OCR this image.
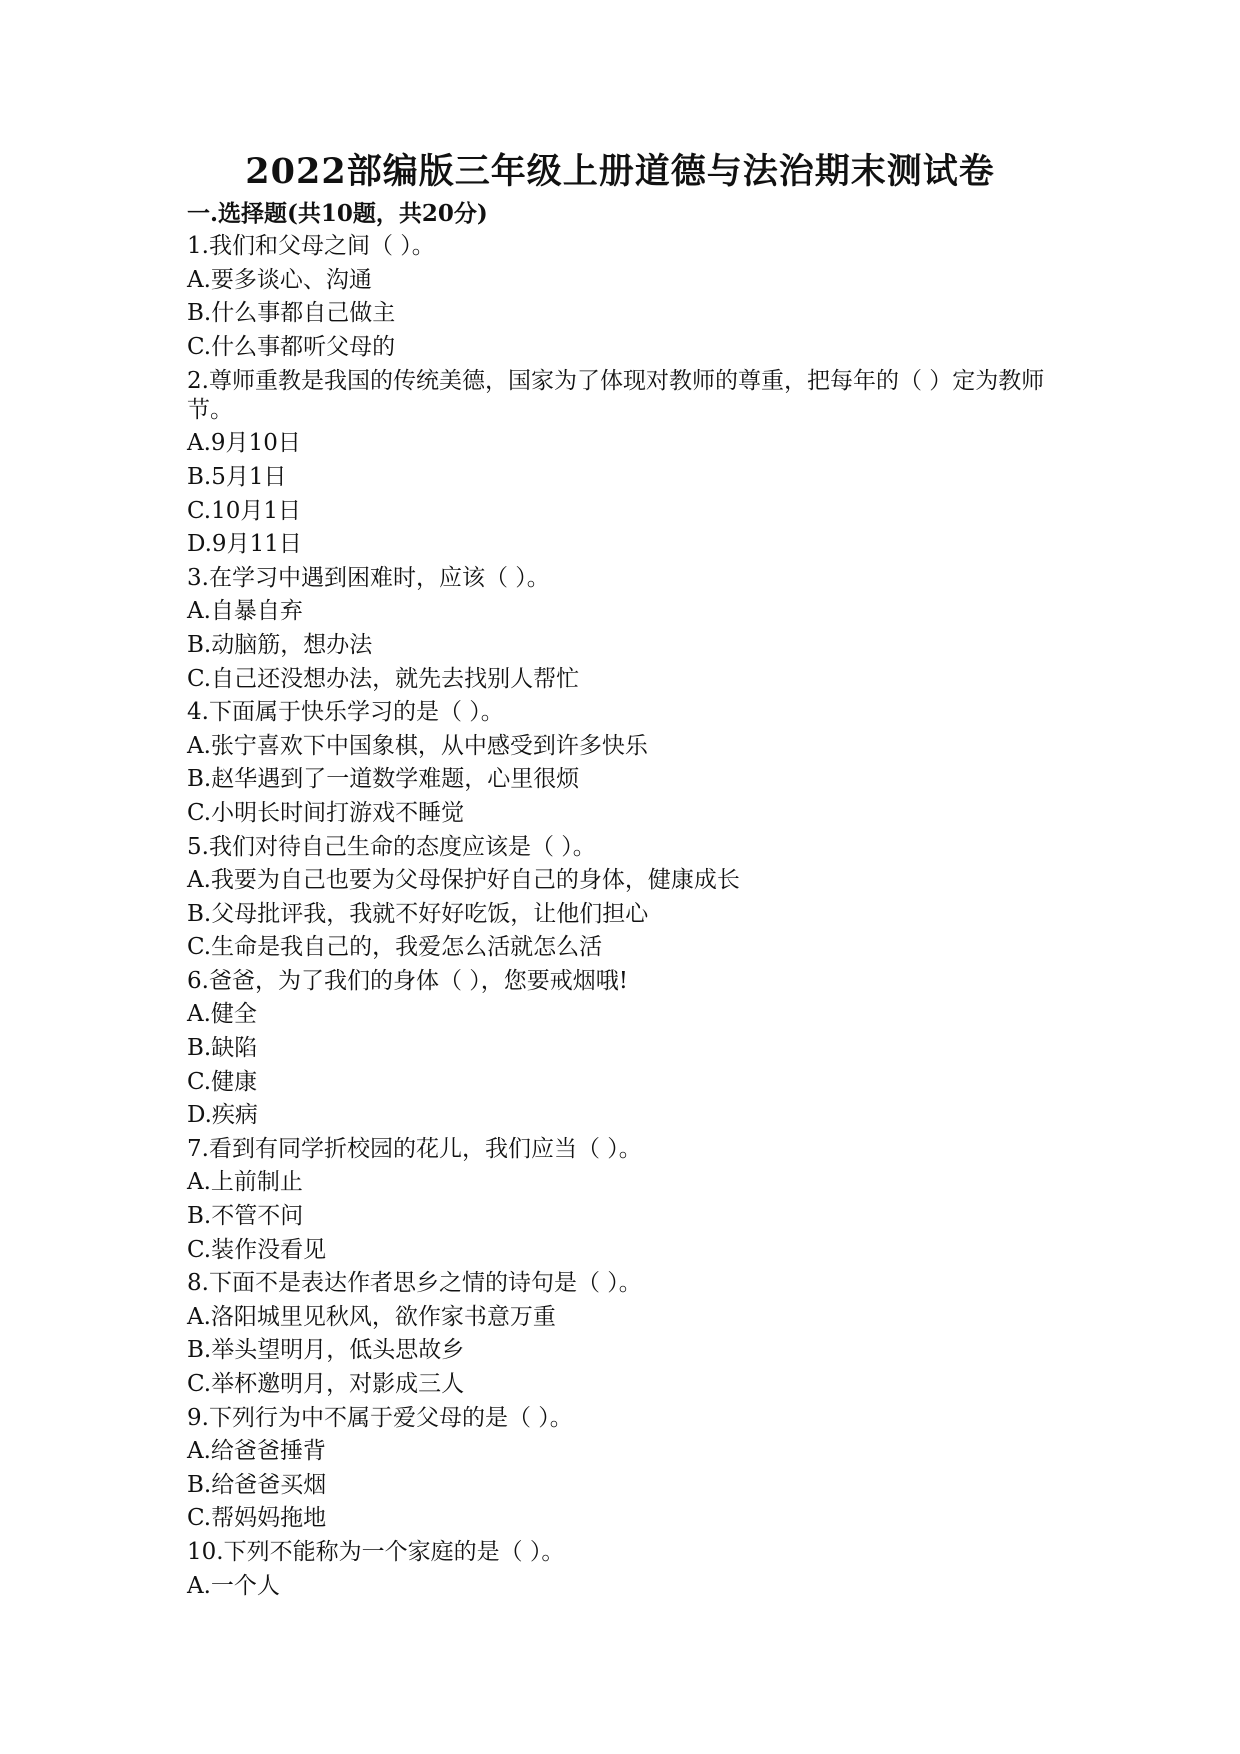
2022部编版三年级上册道德与法治期末测试卷
一.选择题(共10题，共20分)
1.我们和父母之间（ ）。
A.要多谈心、沟通
B.什么事都自己做主
C.什么事都听父母的
2.尊师重教是我国的传统美德，国家为了体现对教师的尊重，把每年的（ ）定为教师节。
A.9月10日
B.5月1日
C.10月1日
D.9月11日
3.在学习中遇到困难时，应该（ ）。
A.自暴自弃
B.动脑筋，想办法
C.自己还没想办法，就先去找别人帮忙
4.下面属于快乐学习的是（ ）。
A.张宁喜欢下中国象棋，从中感受到许多快乐
B.赵华遇到了一道数学难题，心里很烦
C.小明长时间打游戏不睡觉
5.我们对待自己生命的态度应该是（ ）。
A.我要为自己也要为父母保护好自己的身体，健康成长
B.父母批评我，我就不好好吃饭，让他们担心
C.生命是我自己的，我爱怎么活就怎么活
6.爸爸，为了我们的身体（ ），您要戒烟哦!
A.健全
B.缺陷
C.健康
D.疾病
7.看到有同学折校园的花儿，我们应当（ ）。
A.上前制止
B.不管不问
C.装作没看见
8.下面不是表达作者思乡之情的诗句是（ ）。
A.洛阳城里见秋风，欲作家书意万重
B.举头望明月，低头思故乡
C.举杯邀明月，对影成三人
9.下列行为中不属于爱父母的是（ ）。
A.给爸爸捶背
B.给爸爸买烟
C.帮妈妈拖地
10.下列不能称为一个家庭的是（ ）。
A.一个人
